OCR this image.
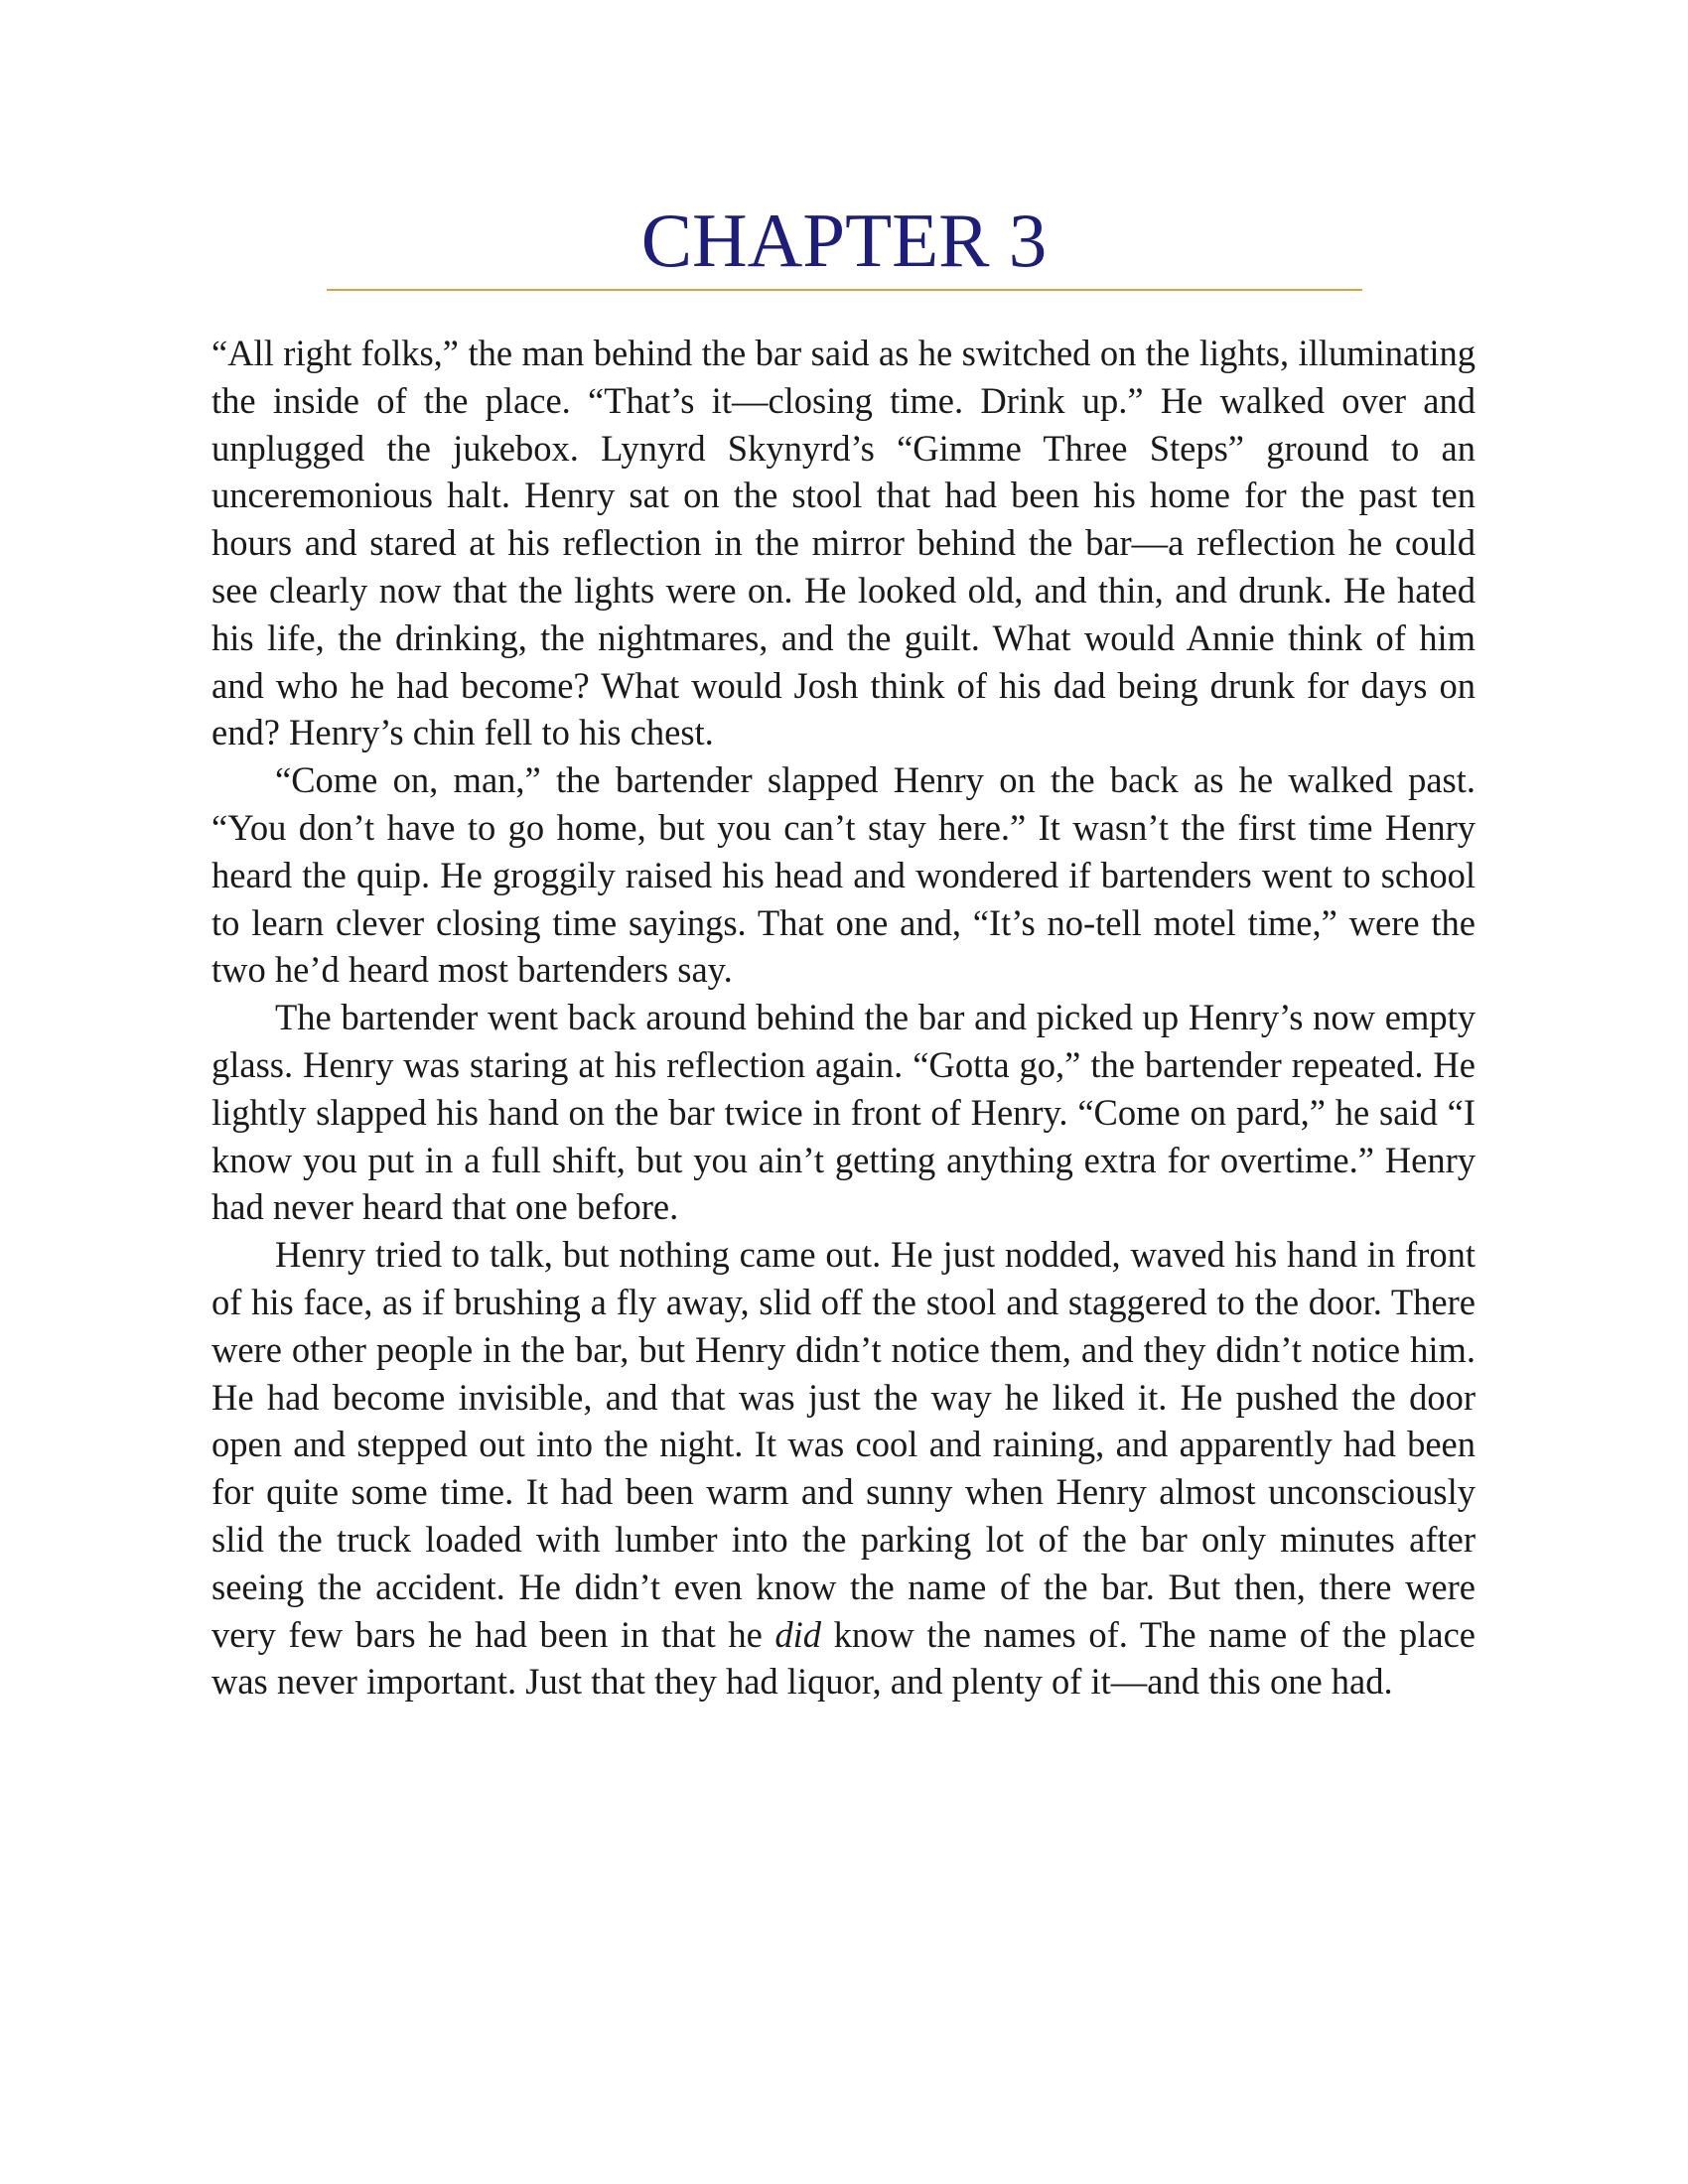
CHAPTER 3

“All right folks,” the man behind the bar said as he switched on the lights, illuminating the inside of the place. “That’s it—closing time. Drink up.” He walked over and unplugged the jukebox. Lynyrd Skynyrd’s “Gimme Three Steps” ground to an unceremonious halt. Henry sat on the stool that had been his home for the past ten hours and stared at his reflection in the mirror behind the bar—a reflection he could see clearly now that the lights were on. He looked old, and thin, and drunk. He hated his life, the drinking, the nightmares, and the guilt. What would Annie think of him and who he had become? What would Josh think of his dad being drunk for days on end? Henry’s chin fell to his chest.

“Come on, man,” the bartender slapped Henry on the back as he walked past. “You don’t have to go home, but you can’t stay here.” It wasn’t the first time Henry heard the quip. He groggily raised his head and wondered if bartenders went to school to learn clever closing time sayings. That one and, “It’s no-tell motel time,” were the two he’d heard most bartenders say.

The bartender went back around behind the bar and picked up Henry’s now empty glass. Henry was staring at his reflection again. “Gotta go,” the bartender repeated. He lightly slapped his hand on the bar twice in front of Henry. “Come on pard,” he said “I know you put in a full shift, but you ain’t getting anything extra for overtime.” Henry had never heard that one before.

Henry tried to talk, but nothing came out. He just nodded, waved his hand in front of his face, as if brushing a fly away, slid off the stool and staggered to the door. There were other people in the bar, but Henry didn’t notice them, and they didn’t notice him. He had become invisible, and that was just the way he liked it. He pushed the door open and stepped out into the night. It was cool and raining, and apparently had been for quite some time. It had been warm and sunny when Henry almost unconsciously slid the truck loaded with lumber into the parking lot of the bar only minutes after seeing the accident. He didn’t even know the name of the bar. But then, there were very few bars he had been in that he did know the names of. The name of the place was never important. Just that they had liquor, and plenty of it—and this one had.
